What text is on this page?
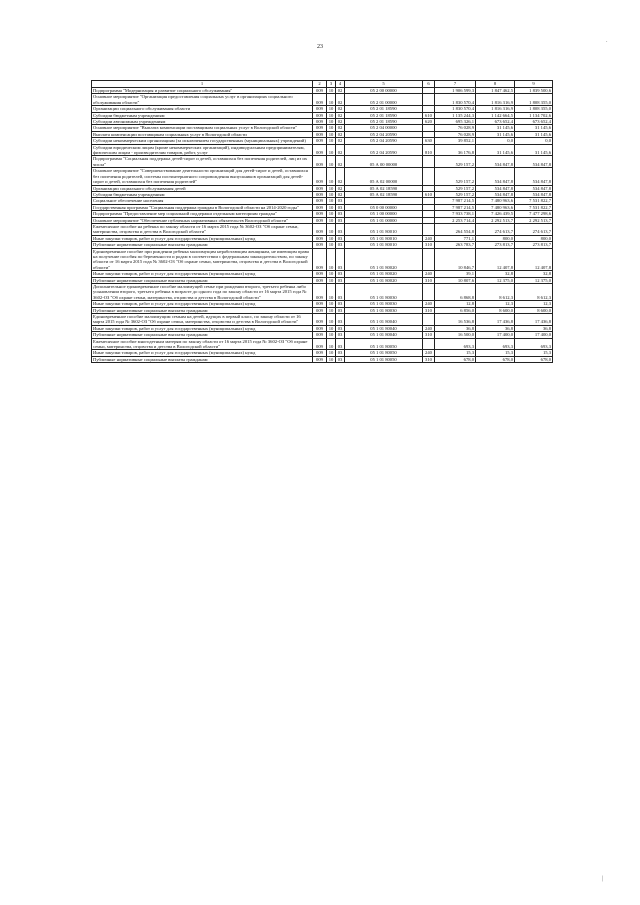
23
.
|
1	2	3	4	5	6	7	8	9
Подпрограмма "Модернизация и развитие социального обслуживания"	009	10	02	05 2 00 00000		1 906 599,3	1 847 462,5	1 839 500,6
Основное мероприятие "Организация предоставления социальных услуг в организациях социального обслуживания области"	009	10	02	05 2 01 00000		1 830 570,4	1 816 316,9	1 808 355,0
Организации социального обслуживания области	009	10	02	05 2 01 18590		1 830 570,4	1 816 316,9	1 808 355,0
Субсидии бюджетным учреждениям	009	10	02	05 2 01 18590	610	1 135 244,3	1 142 664,5	1 134 702,6
Субсидии автономным учреждениям	009	10	02	05 2 01 18590	620	695 326,1	673 652,4	673 652,4
Основное мероприятие "Выплата компенсации поставщикам социальных услуг в Вологодской области"	009	10	02	05 2 04 00000		76 028,9	31 145,6	31 145,6
Выплата компенсации поставщикам социальных услуг в Вологодской области	009	10	02	05 2 04 20590		76 028,9	31 145,6	31 145,6
Субсидии некоммерческим организациям (за исключением государственных (муниципальных) учреждений)	009	10	02	05 2 04 20590	630	39 852,1	0,0	0,0
Субсидии юридическим лицам (кроме некоммерческих организаций), индивидуальным предпринимателям, физическим лицам - производителям товаров, работ, услуг	009	10	02	05 2 04 20590	810	36 176,8	31 145,6	31 145,6
Подпрограмма "Социальная поддержка детей-сирот и детей, оставшихся без попечения родителей, лиц из их числа"	009	10	02	05 А 00 00000		529 157,2	534 847,8	534 847,8
Основное мероприятие "Совершенствование деятельности организаций для детей-сирот и детей, оставшихся без попечения родителей, системы постинтернатного сопровождения выпускников организаций для детей-сирот и детей, оставшихся без попечения родителей"	009	10	02	05 А 02 00000		529 157,2	534 847,8	534 847,8
Организации социального обслуживания детей	009	10	02	05 А 02 18590		529 157,2	534 847,8	534 847,8
Субсидии бюджетным учреждениям	009	10	02	05 А 02 18590	610	529 157,2	534 847,8	534 847,8
Социальное обеспечение населения	009	10	03			7 987 214,5	7 480 963,6	7 531 822,7
Государственная программа "Социальная поддержка граждан в Вологодской области на 2014-2020 годы"	009	10	03	05 0 00 00000		7 987 214,5	7 480 963,6	7 531 822,7
Подпрограмма "Предоставление мер социальной поддержки отдельным категориям граждан"	009	10	03	05 1 00 00000		7 933 738,1	7 426 439,5	7 477 298,6
Основное мероприятие "Обеспечение публичных нормативных обязательств Вологодской области"	009	10	03	05 1 01 00000		2 253 714,4	2 292 513,7	2 292 513,7
Ежемесячное пособие на ребенка по закону области от 16 марта 2015 года № 3602-ОЗ "Об охране семьи, материнства, отцовства и детства в Вологодской области"	009	10	03	05 1 01 80010		264 554,8	274 613,7	274 613,7
Иные закупки товаров, работ и услуг для государственных (муниципальных) нужд	009	10	03	05 1 01 80010	240	771,1	800,0	800,0
Публичные нормативные социальные выплаты гражданам	009	10	03	05 1 01 80010	310	263 783,7	273 813,7	273 813,7
Единовременное пособие при рождении ребенка малоимущим неработающим женщинам, не имеющим права на получение пособия по беременности и родам в соответствии с федеральным законодательством, по закону области от 16 марта 2015 года № 3602-ОЗ "Об охране семьи, материнства, отцовства и детства в Вологодской области"	009	10	03	05 1 01 80020		10 846,7	12 407,8	12 407,8
Иные закупки товаров, работ и услуг для государственных (муниципальных) нужд	009	10	03	05 1 01 80020	240	39,1	32,8	32,8
Публичные нормативные социальные выплаты гражданам	009	10	03	05 1 01 80020	310	10 807,6	12 375,0	12 375,0
Дополнительное единовременное пособие малоимущей семье при рождении второго, третьего ребенка либо усыновлении второго, третьего ребенка в возрасте до одного года по закону области от 16 марта 2015 года № 3602-ОЗ "Об охране семьи, материнства, отцовства и детства в Вологодской области"	009	10	03	05 1 01 80030		6 868,8	8 612,3	8 612,3
Иные закупки товаров, работ и услуг для государственных (муниципальных) нужд	009	10	03	05 1 01 80030	240	12,8	12,3	12,3
Публичные нормативные социальные выплаты гражданам	009	10	03	05 1 01 80030	310	6 856,0	8 600,0	8 600,0
Единовременное пособие малоимущим семьям на детей, идущих в первый класс, по закону области от 16 марта 2015 года № 3602-ОЗ "Об охране семьи, материнства, отцовства и детства в Вологодской области"	009	10	03	05 1 01 80040		16 536,8	17 436,8	17 436,8
Иные закупки товаров, работ и услуг для государственных (муниципальных) нужд	009	10	03	05 1 01 80040	240	36,8	36,8	36,8
Публичные нормативные социальные выплаты гражданам	009	10	03	05 1 01 80040	310	16 500,0	17 400,0	17 400,0
Ежемесячное пособие многодетным матерям по закону области от 16 марта 2015 года № 3602-ОЗ "Об охране семьи, материнства, отцовства и детства в Вологодской области"	009	10	03	05 1 01 80050		693,3	693,3	693,3
Иные закупки товаров, работ и услуг для государственных (муниципальных) нужд	009	10	03	05 1 01 80050	240	15,3	15,3	15,3
Публичные нормативные социальные выплаты гражданам	009	10	03	05 1 01 80050	310	678,0	678,0	678,0
